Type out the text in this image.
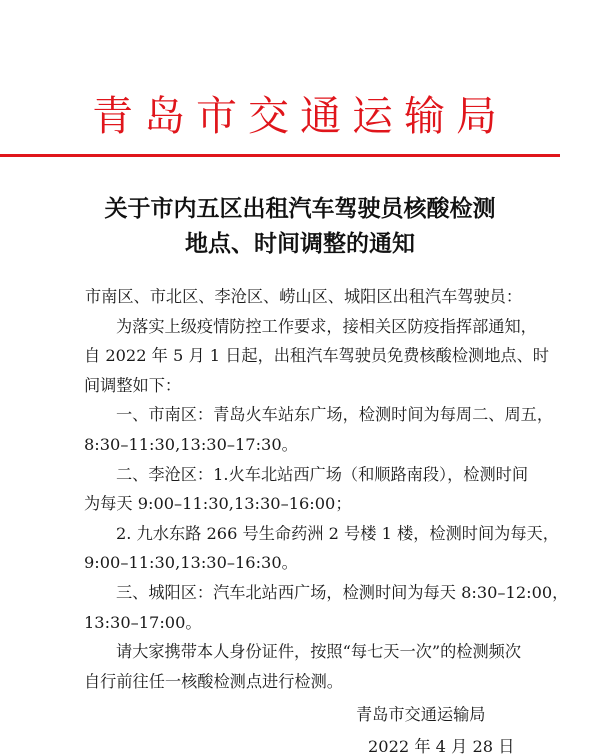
青岛市交通运输局
关于市内五区出租汽车驾驶员核酸检测
地点、时间调整的通知
市南区、市北区、李沧区、崂山区、城阳区出租汽车驾驶员：
为落实上级疫情防控工作要求，接相关区防疫指挥部通知，
自 2022 年 5 月 1 日起，出租汽车驾驶员免费核酸检测地点、时
间调整如下：
一、市南区：青岛火车站东广场，检测时间为每周二、周五，
8:30–11:30,13:30–17:30。
二、李沧区：1.火车北站西广场（和顺路南段），检测时间
为每天 9:00–11:30,13:30–16:00；
2. 九水东路 266 号生命药洲 2 号楼 1 楼，检测时间为每天，
9:00–11:30,13:30–16:30。
三、城阳区：汽车北站西广场，检测时间为每天 8:30–12:00，
13:30–17:00。
请大家携带本人身份证件，按照“每七天一次”的检测频次
自行前往任一核酸检测点进行检测。
青岛市交通运输局
2022 年 4 月 28 日
